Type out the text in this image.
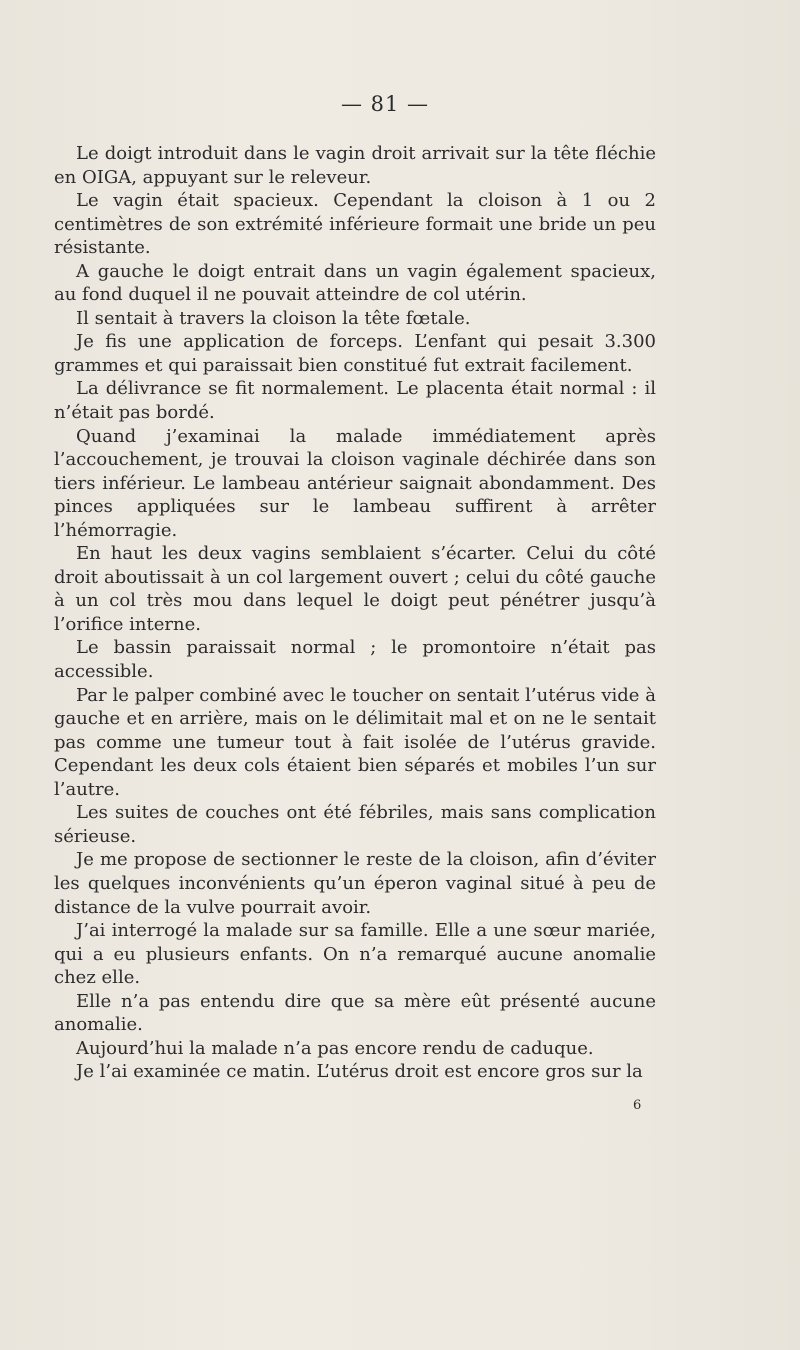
— 81 —

Le doigt introduit dans le vagin droit arrivait sur la tête fléchie en OIGA, appuyant sur le releveur.

Le vagin était spacieux. Cependant la cloison à 1 ou 2 centimètres de son extrémité inférieure formait une bride un peu résistante.

A gauche le doigt entrait dans un vagin également spacieux, au fond duquel il ne pouvait atteindre de col utérin.

Il sentait à travers la cloison la tête fœtale.

Je fis une application de forceps. L’enfant qui pesait 3.300 grammes et qui paraissait bien constitué fut extrait facilement.

La délivrance se fit normalement. Le placenta était normal : il n’était pas bordé.

Quand j’examinai la malade immédiatement après l’accouchement, je trouvai la cloison vaginale déchirée dans son tiers inférieur. Le lambeau antérieur saignait abondamment. Des pinces appliquées sur le lambeau suffirent à arrêter l’hémorragie.

En haut les deux vagins semblaient s’écarter. Celui du côté droit aboutissait à un col largement ouvert ; celui du côté gauche à un col très mou dans lequel le doigt peut pénétrer jusqu’à l’orifice interne.

Le bassin paraissait normal ; le promontoire n’était pas accessible.

Par le palper combiné avec le toucher on sentait l’utérus vide à gauche et en arrière, mais on le délimitait mal et on ne le sentait pas comme une tumeur tout à fait isolée de l’utérus gravide. Cependant les deux cols étaient bien séparés et mobiles l’un sur l’autre.

Les suites de couches ont été fébriles, mais sans complication sérieuse.

Je me propose de sectionner le reste de la cloison, afin d’éviter les quelques inconvénients qu’un éperon vaginal situé à peu de distance de la vulve pourrait avoir.

J’ai interrogé la malade sur sa famille. Elle a une sœur mariée, qui a eu plusieurs enfants. On n’a remarqué aucune anomalie chez elle.

Elle n’a pas entendu dire que sa mère eût présenté aucune anomalie.

Aujourd’hui la malade n’a pas encore rendu de caduque.

Je l’ai examinée ce matin. L’utérus droit est encore gros sur la

6
